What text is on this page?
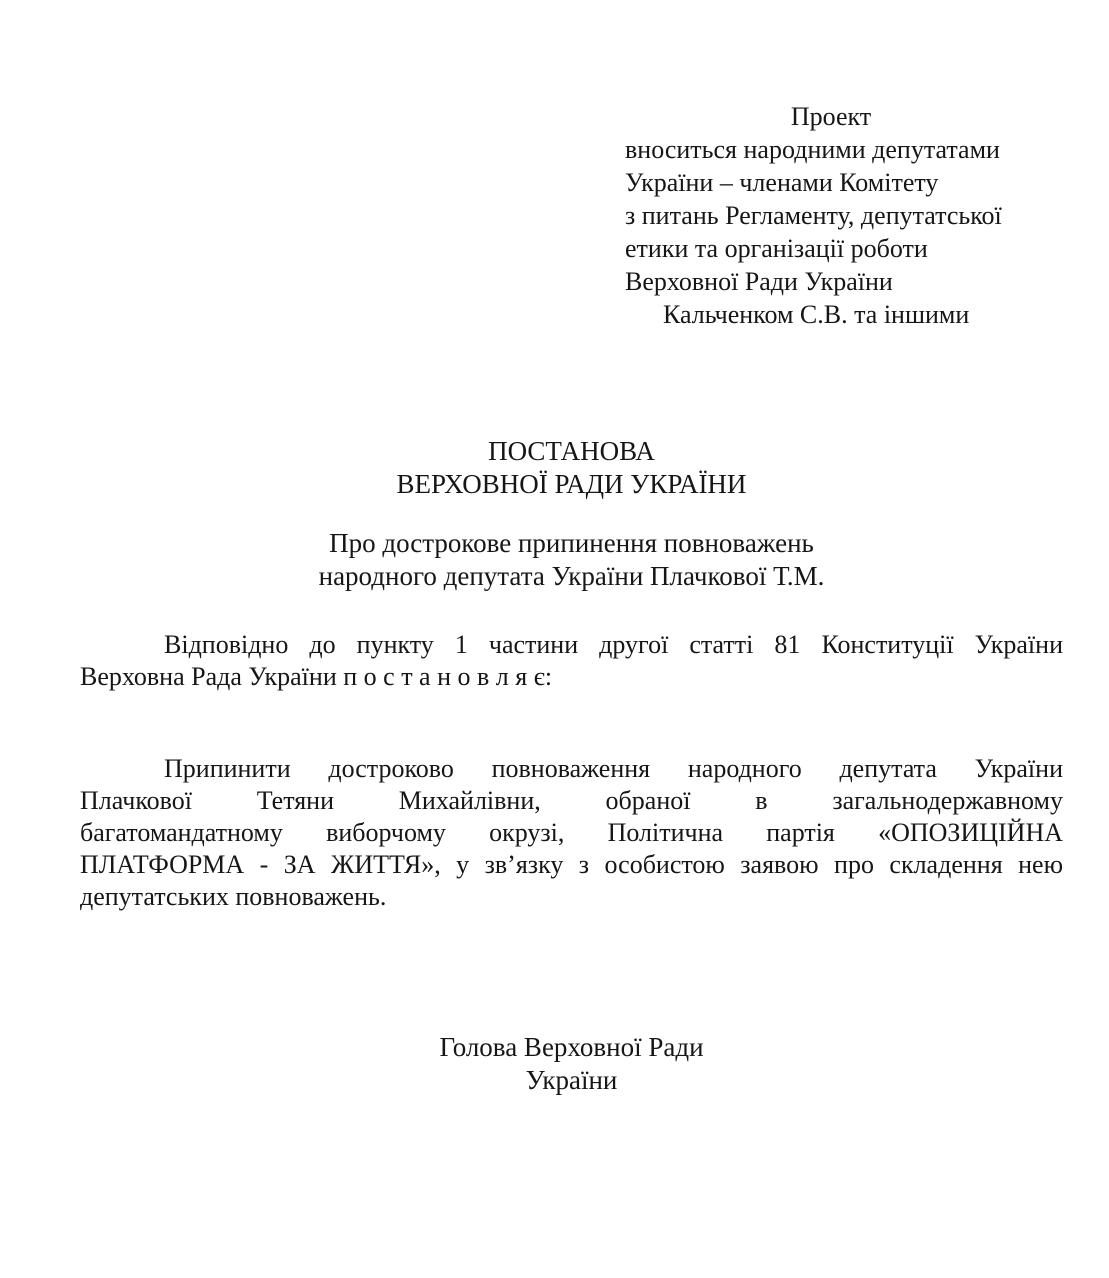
Проект
вноситься народними депутатами
України – членами Комітету
з питань Регламенту, депутатської
етики та організації роботи
Верховної Ради України
Кальченком С.В. та іншими
ПОСТАНОВА
ВЕРХОВНОЇ РАДИ УКРАЇНИ
Про дострокове припинення повноважень
народного депутата України Плачкової Т.М.
Відповідно до пункту 1 частини другої статті 81 Конституції України
Верховна Рада України п о с т а н о в л я є:
Припинити достроково повноваження народного депутата України
Плачкової Тетяни Михайлівни, обраної в загальнодержавному
багатомандатному виборчому окрузі, Політична партія «ОПОЗИЦІЙНА
ПЛАТФОРМА - ЗА ЖИТТЯ», у зв’язку з особистою заявою про складення нею
депутатських повноважень.
Голова Верховної Ради
України
